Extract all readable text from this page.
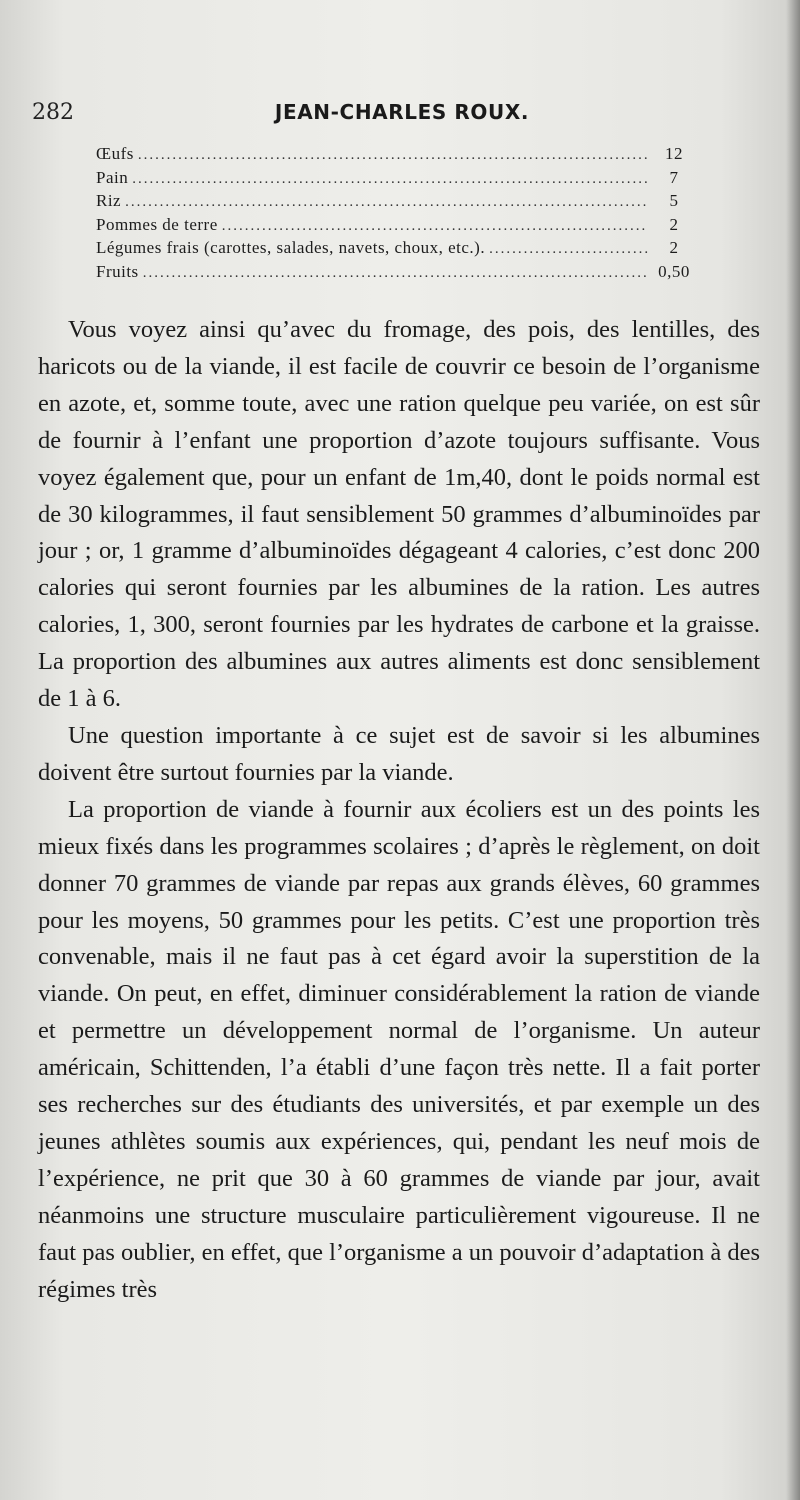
282	JEAN-CHARLES ROUX.
Œufs .....	12
Pain .....	7
Riz .....	5
Pommes de terre .....	2
Légumes frais (carottes, salades, navets, choux, etc.). .....	2
Fruits .....	0,50

Vous voyez ainsi qu’avec du fromage, des pois, des lentilles, des haricots ou de la viande, il est facile de couvrir ce besoin de l’organisme en azote, et, somme toute, avec une ration quelque peu variée, on est sûr de fournir à l’enfant une proportion d’azote toujours suffisante. Vous voyez également que, pour un enfant de 1m,40, dont le poids normal est de 30 kilogrammes, il faut sensiblement 50 grammes d’albuminoïdes par jour ; or, 1 gramme d’albuminoïdes dégageant 4 calories, c’est donc 200 calories qui seront fournies par les albumines de la ration. Les autres calories, 1, 300, seront fournies par les hydrates de carbone et la graisse. La proportion des albumines aux autres aliments est donc sensiblement de 1 à 6.

Une question importante à ce sujet est de savoir si les albumines doivent être surtout fournies par la viande.

La proportion de viande à fournir aux écoliers est un des points les mieux fixés dans les programmes scolaires ; d’après le règlement, on doit donner 70 grammes de viande par repas aux grands élèves, 60 grammes pour les moyens, 50 grammes pour les petits. C’est une proportion très convenable, mais il ne faut pas à cet égard avoir la superstition de la viande. On peut, en effet, diminuer considérablement la ration de viande et permettre un développement normal de l’organisme. Un auteur américain, Schittenden, l’a établi d’une façon très nette. Il a fait porter ses recherches sur des étudiants des universités, et par exemple un des jeunes athlètes soumis aux expériences, qui, pendant les neuf mois de l’expérience, ne prit que 30 à 60 grammes de viande par jour, avait néanmoins une structure musculaire particulièrement vigoureuse. Il ne faut pas oublier, en effet, que l’organisme a un pouvoir d’adaptation à des régimes très
